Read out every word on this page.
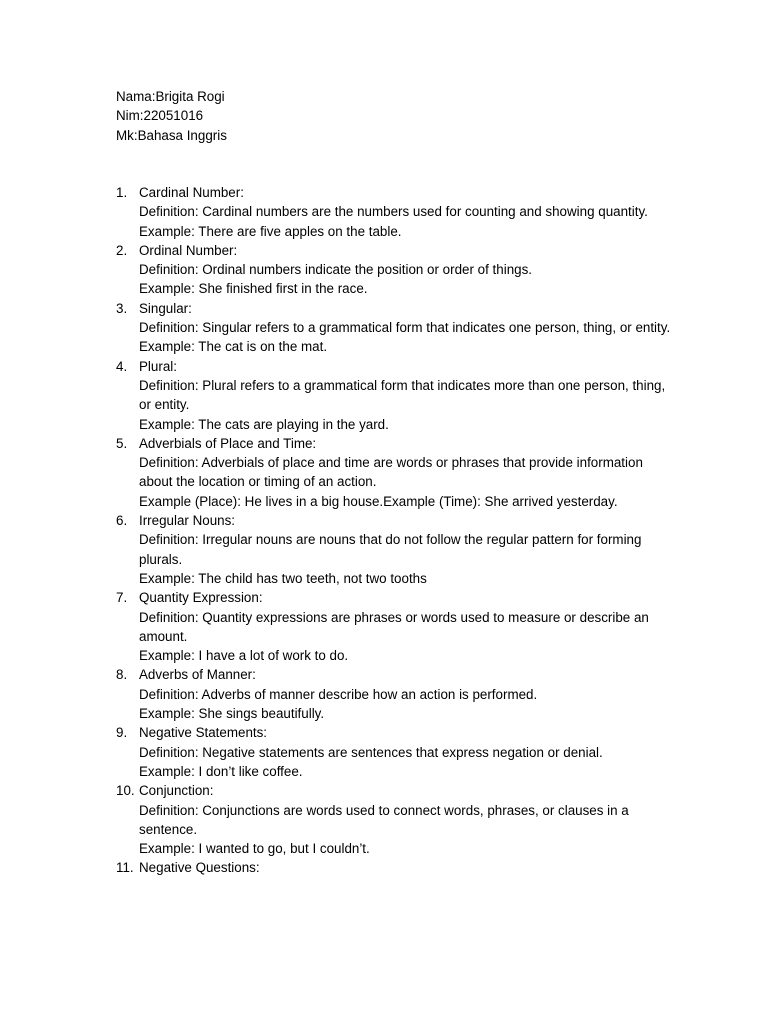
Nama:Brigita Rogi
Nim:22051016
Mk:Bahasa Inggris
1. Cardinal Number:
Definition: Cardinal numbers are the numbers used for counting and showing quantity.
Example: There are five apples on the table.
2. Ordinal Number:
Definition: Ordinal numbers indicate the position or order of things.
Example: She finished first in the race.
3. Singular:
Definition: Singular refers to a grammatical form that indicates one person, thing, or entity.
Example: The cat is on the mat.
4. Plural:
Definition: Plural refers to a grammatical form that indicates more than one person, thing, or entity.
Example: The cats are playing in the yard.
5. Adverbials of Place and Time:
Definition: Adverbials of place and time are words or phrases that provide information about the location or timing of an action.
Example (Place): He lives in a big house.Example (Time): She arrived yesterday.
6. Irregular Nouns:
Definition: Irregular nouns are nouns that do not follow the regular pattern for forming plurals.
Example: The child has two teeth, not two tooths
7. Quantity Expression:
Definition: Quantity expressions are phrases or words used to measure or describe an amount.
Example: I have a lot of work to do.
8. Adverbs of Manner:
Definition: Adverbs of manner describe how an action is performed.
Example: She sings beautifully.
9. Negative Statements:
Definition: Negative statements are sentences that express negation or denial.
Example: I don’t like coffee.
10. Conjunction:
Definition: Conjunctions are words used to connect words, phrases, or clauses in a sentence.
Example: I wanted to go, but I couldn’t.
11. Negative Questions:
